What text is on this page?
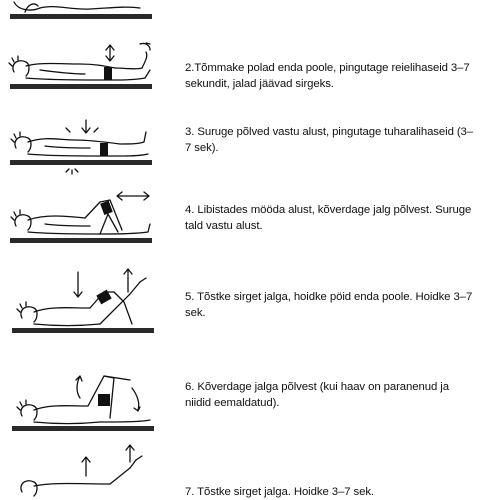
2.Tõmmake polad enda poole, pingutage reielihaseid 3–7 sekundit, jalad jäävad sirgeks.
3. Suruge põlved vastu alust, pingutage tuharalihaseid (3–7 sek).
4. Libistades mööda alust, kõverdage jalg põlvest. Suruge tald vastu alust.
5. Tõstke sirget jalga, hoidke pöid enda poole. Hoidke 3–7 sek.
6. Kõverdage jalga põlvest (kui haav on paranenud ja niidid eemaldatud).
7. Tõstke sirget jalga. Hoidke 3–7 sek.
